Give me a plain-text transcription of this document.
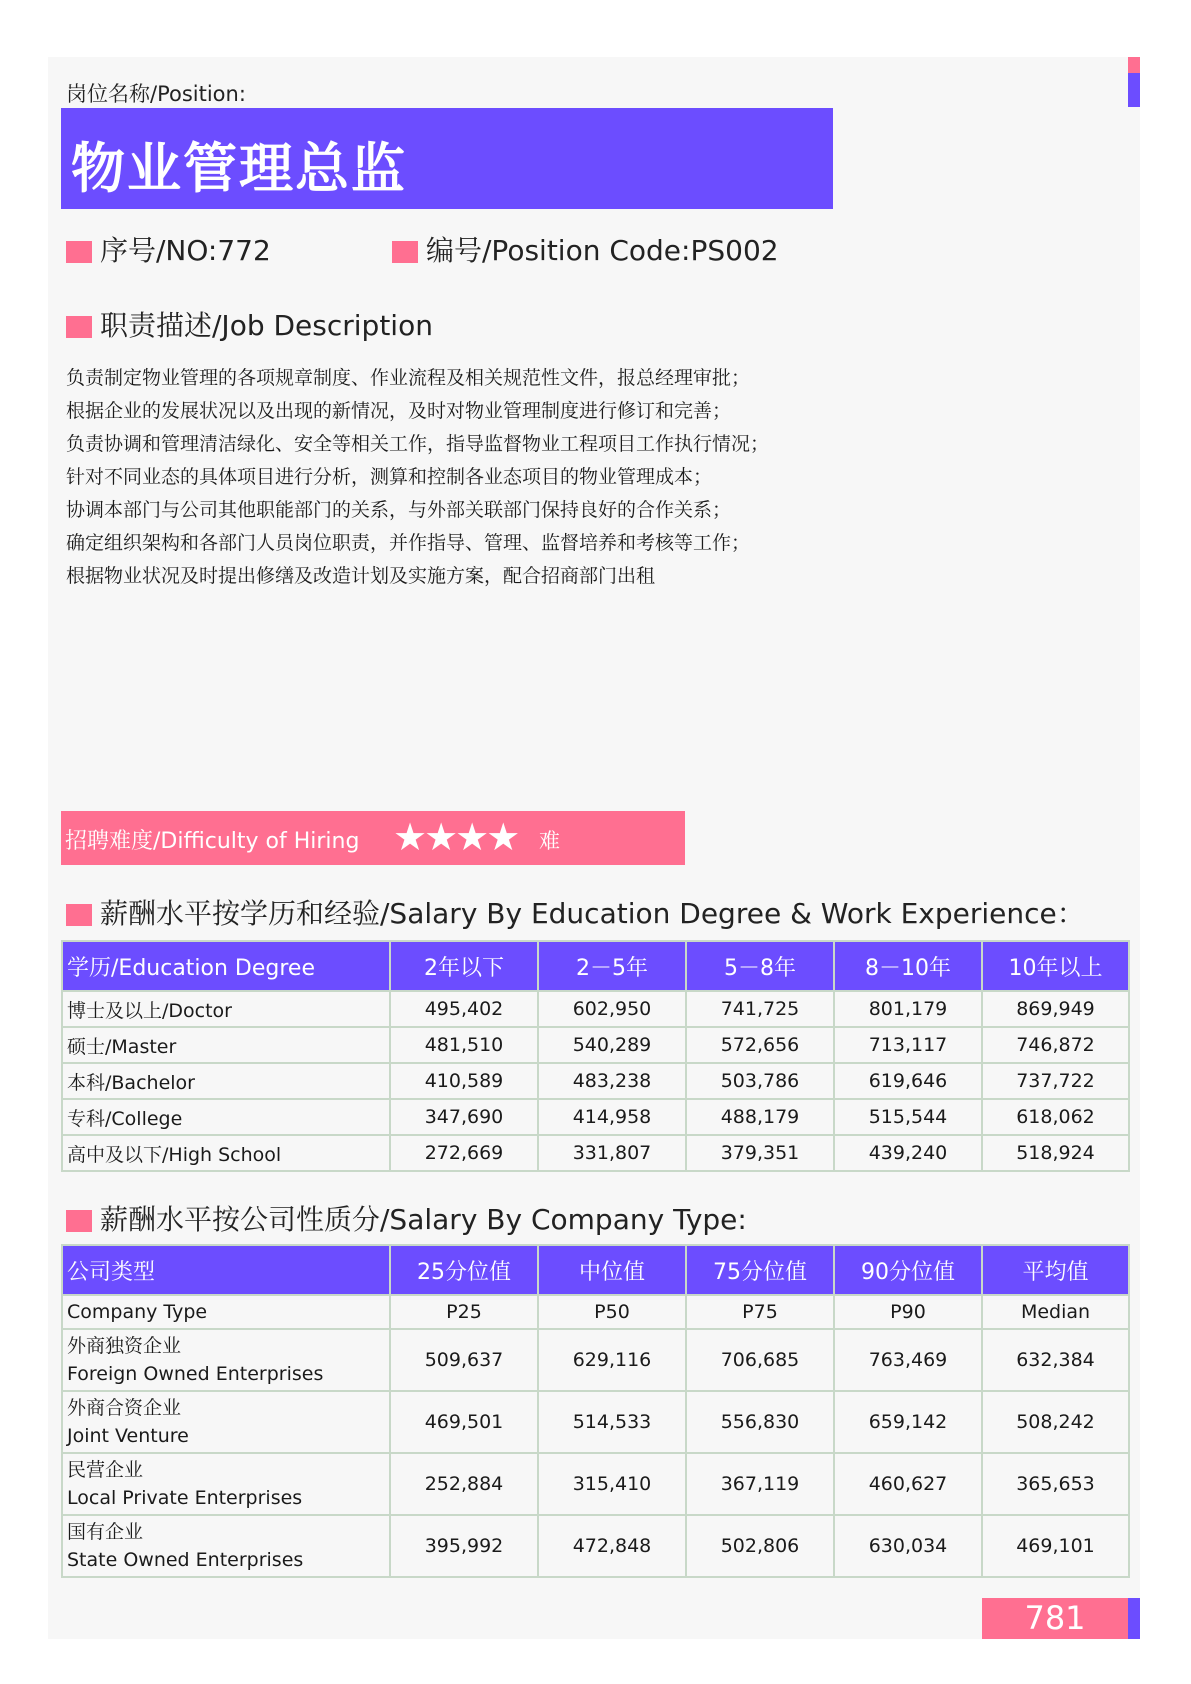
岗位名称/Position:
物业管理总监
序号/NO:772	编号/Position Code:PS002
职责描述/Job Description
负责制定物业管理的各项规章制度、作业流程及相关规范性文件，报总经理审批；
根据企业的发展状况以及出现的新情况，及时对物业管理制度进行修订和完善；
负责协调和管理清洁绿化、安全等相关工作，指导监督物业工程项目工作执行情况；
针对不同业态的具体项目进行分析，测算和控制各业态项目的物业管理成本；
协调本部门与公司其他职能部门的关系，与外部关联部门保持良好的合作关系；
确定组织架构和各部门人员岗位职责，并作指导、管理、监督培养和考核等工作；
根据物业状况及时提出修缮及改造计划及实施方案，配合招商部门出租
招聘难度/Difficulty of Hiring ★★★★ 难
薪酬水平按学历和经验/Salary By Education Degree & Work Experience：
学历/Education Degree	2年以下	2－5年	5－8年	8－10年	10年以上
博士及以上/Doctor	495,402	602,950	741,725	801,179	869,949
硕士/Master	481,510	540,289	572,656	713,117	746,872
本科/Bachelor	410,589	483,238	503,786	619,646	737,722
专科/College	347,690	414,958	488,179	515,544	618,062
高中及以下/High School	272,669	331,807	379,351	439,240	518,924
薪酬水平按公司性质分/Salary By Company Type:
公司类型	25分位值	中位值	75分位值	90分位值	平均值
Company Type	P25	P50	P75	P90	Median

外商独资企业
Foreign Owned Enterprises	509,637	629,116	706,685	763,469	632,384

外商合资企业
Joint Venture	469,501	514,533	556,830	659,142	508,242

民营企业
Local Private Enterprises	252,884	315,410	367,119	460,627	365,653

国有企业
State Owned Enterprises	395,992	472,848	502,806	630,034	469,101
781
